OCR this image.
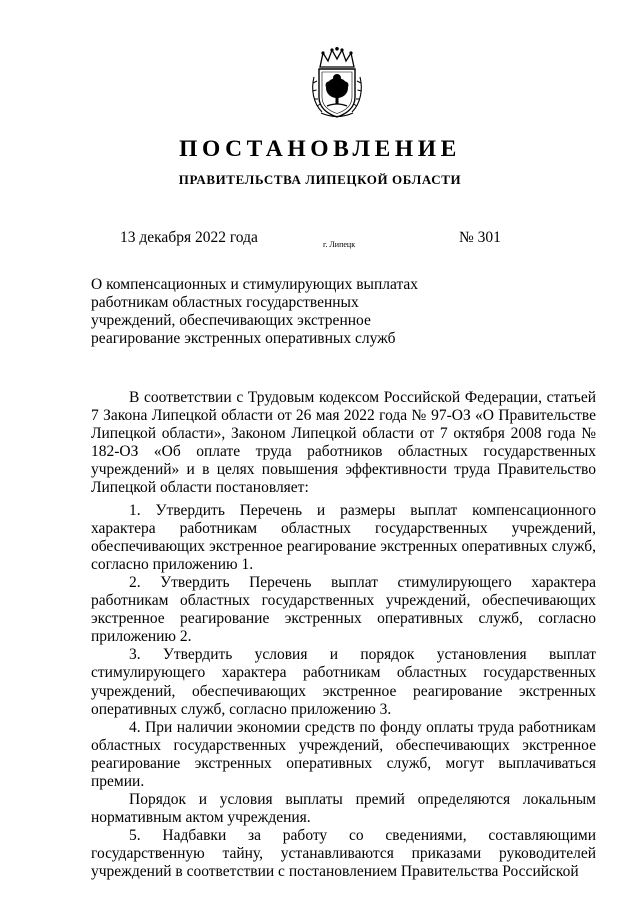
ПОСТАНОВЛЕНИЕ
ПРАВИТЕЛЬСТВА ЛИПЕЦКОЙ ОБЛАСТИ
13 декабря 2022 года	г. Липецк	№ 301
О компенсационных и стимулирующих выплатах
работникам областных государственных
учреждений, обеспечивающих экстренное
реагирование экстренных оперативных служб

В соответствии с Трудовым кодексом Российской Федерации, статьей 7 Закона Липецкой области от 26 мая 2022 года № 97-ОЗ «О Правительстве Липецкой области», Законом Липецкой области от 7 октября 2008 года № 182-ОЗ «Об оплате труда работников областных государственных учреждений» и в целях повышения эффективности труда Правительство Липецкой области постановляет:

1. Утвердить Перечень и размеры выплат компенсационного характера работникам областных государственных учреждений, обеспечивающих экстренное реагирование экстренных оперативных служб, согласно приложению 1.

2. Утвердить Перечень выплат стимулирующего характера работникам областных государственных учреждений, обеспечивающих экстренное реагирование экстренных оперативных служб, согласно приложению 2.

3. Утвердить условия и порядок установления выплат стимулирующего характера работникам областных государственных учреждений, обеспечивающих экстренное реагирование экстренных оперативных служб, согласно приложению 3.

4. При наличии экономии средств по фонду оплаты труда работникам областных государственных учреждений, обеспечивающих экстренное реагирование экстренных оперативных служб, могут выплачиваться премии.

Порядок и условия выплаты премий определяются локальным нормативным актом учреждения.

5. Надбавки за работу со сведениями, составляющими государственную тайну, устанавливаются приказами руководителей учреждений в соответствии с постановлением Правительства Российской
